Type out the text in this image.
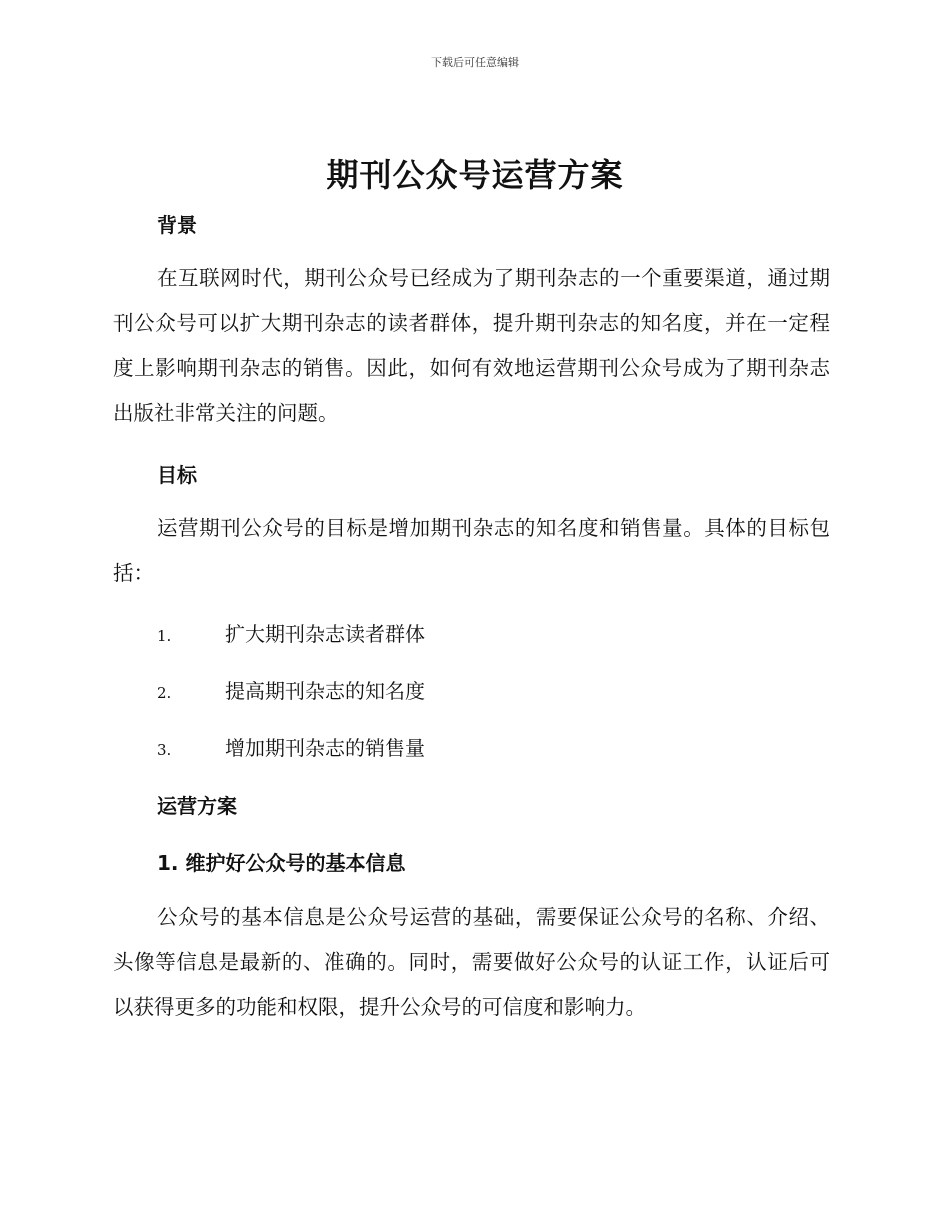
下载后可任意编辑
期刊公众号运营方案
背景

在互联网时代，期刊公众号已经成为了期刊杂志的一个重要渠道，通过期刊公众号可以扩大期刊杂志的读者群体，提升期刊杂志的知名度，并在一定程度上影响期刊杂志的销售。因此，如何有效地运营期刊公众号成为了期刊杂志出版社非常关注的问题。

目标

运营期刊公众号的目标是增加期刊杂志的知名度和销售量。具体的目标包括：

1.	扩大期刊杂志读者群体
2.	提高期刊杂志的知名度
3.	增加期刊杂志的销售量
运营方案
1. 维护好公众号的基本信息

公众号的基本信息是公众号运营的基础，需要保证公众号的名称、介绍、头像等信息是最新的、准确的。同时，需要做好公众号的认证工作，认证后可以获得更多的功能和权限，提升公众号的可信度和影响力。
